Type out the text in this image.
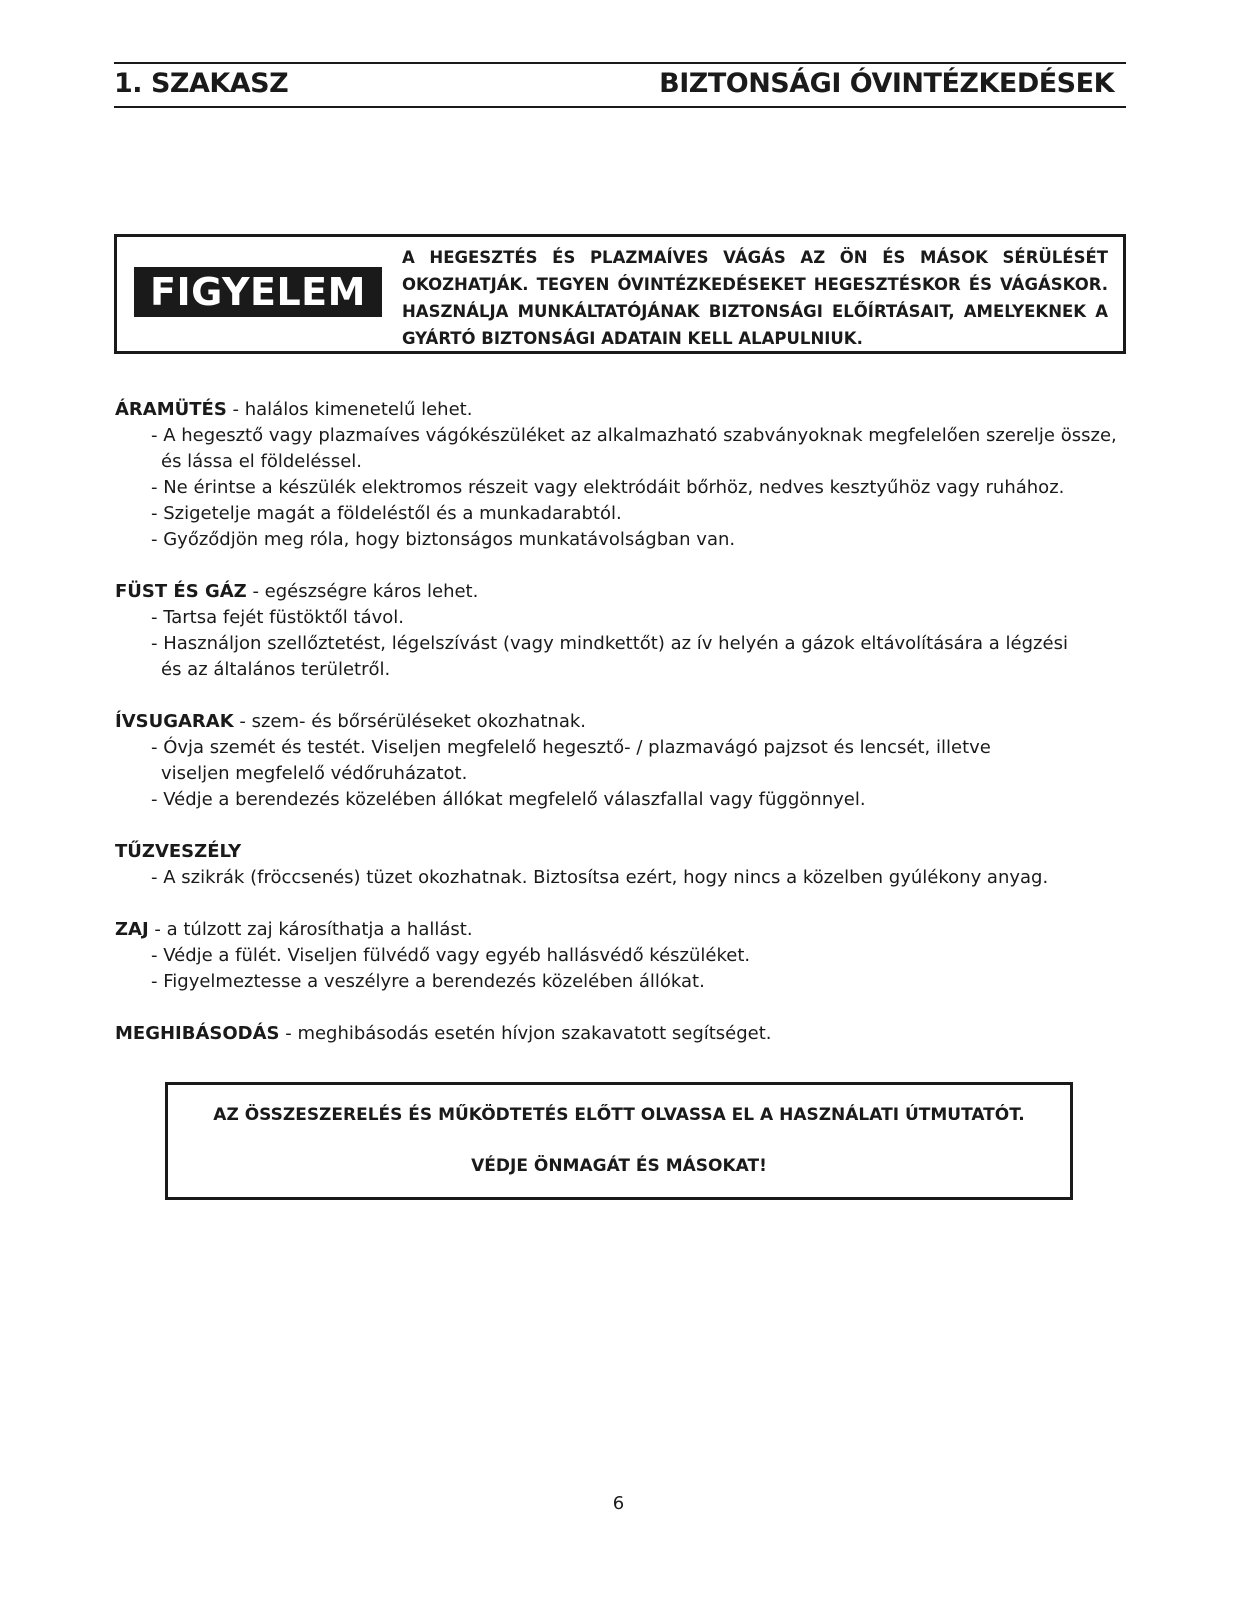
1. SZAKASZ	BIZTONSÁGI ÓVINTÉZKEDÉSEK
FIGYELEM
A HEGESZTÉS ÉS PLAZMAÍVES VÁGÁS AZ ÖN ÉS MÁSOK SÉRÜLÉSÉT OKOZHATJÁK. TEGYEN ÓVINTÉZKEDÉSEKET HEGESZTÉSKOR ÉS VÁGÁSKOR. HASZNÁLJA MUNKÁLTATÓJÁNAK BIZTONSÁGI ELŐÍRTÁSAIT, AMELYEKNEK A GYÁRTÓ BIZTONSÁGI ADATAIN KELL ALAPULNIUK.
ÁRAMÜTÉS - halálos kimenetelű lehet.
- A hegesztő vagy plazmaíves vágókészüléket az alkalmazható szabványoknak megfelelően szerelje össze,
és lássa el földeléssel.
- Ne érintse a készülék elektromos részeit vagy elektródáit bőrhöz, nedves kesztyűhöz vagy ruhához.
- Szigetelje magát a földeléstől és a munkadarabtól.
- Győződjön meg róla, hogy biztonságos munkatávolságban van.
FÜST ÉS GÁZ - egészségre káros lehet.
- Tartsa fejét füstöktől távol.
- Használjon szellőztetést, légelszívást (vagy mindkettőt) az ív helyén a gázok eltávolítására a légzési
és az általános területről.
ÍVSUGARAK - szem- és bőrsérüléseket okozhatnak.
- Óvja szemét és testét. Viseljen megfelelő hegesztő- / plazmavágó pajzsot és lencsét, illetve
viseljen megfelelő védőruházatot.
- Védje a berendezés közelében állókat megfelelő válaszfallal vagy függönnyel.
TŰZVESZÉLY
- A szikrák (fröccsenés) tüzet okozhatnak. Biztosítsa ezért, hogy nincs a közelben gyúlékony anyag.
ZAJ - a túlzott zaj károsíthatja a hallást.
- Védje a fülét. Viseljen fülvédő vagy egyéb hallásvédő készüléket.
- Figyelmeztesse a veszélyre a berendezés közelében állókat.
MEGHIBÁSODÁS - meghibásodás esetén hívjon szakavatott segítséget.
AZ ÖSSZESZERELÉS ÉS MŰKÖDTETÉS ELŐTT OLVASSA EL A HASZNÁLATI ÚTMUTATÓT.
VÉDJE ÖNMAGÁT ÉS MÁSOKAT!
6
